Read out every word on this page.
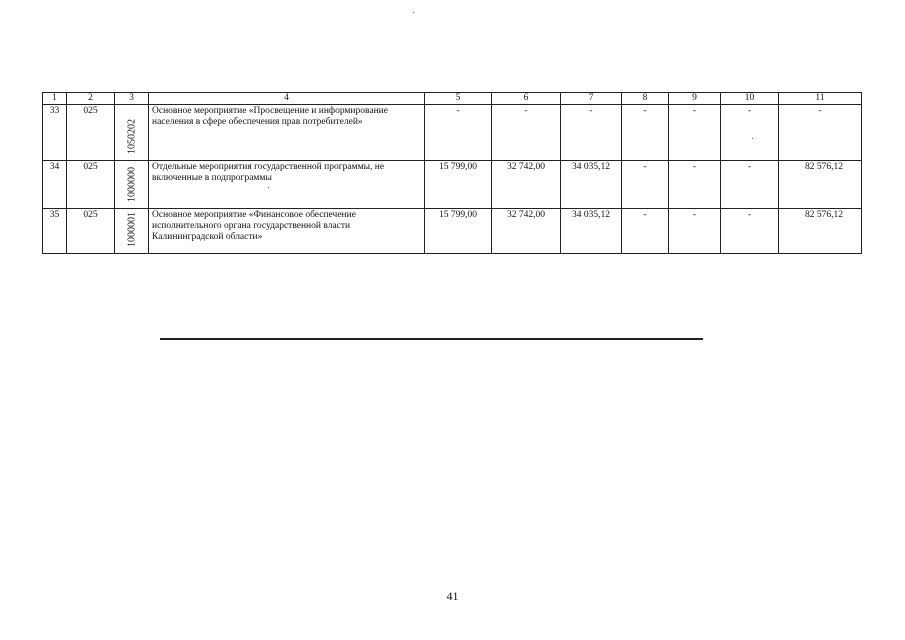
1	2	3	4	5	6	7	8	9	10	11
33	025	1050202	Основное мероприятие «Просвещение и информирование населения в сфере обеспечения прав потребителей»	-	-	-	-	-	-	-
34	025	1000000	Отдельные мероприятия государственной программы, не включенные в подпрограммы	15 799,00	32 742,00	34 035,12	-	-	-	82 576,12
35	025	1000001	Основное мероприятие «Финансовое обеспечение исполнительного органа государственной власти Калининградской области»	15 799,00	32 742,00	34 035,12	-	-	-	82 576,12
41
